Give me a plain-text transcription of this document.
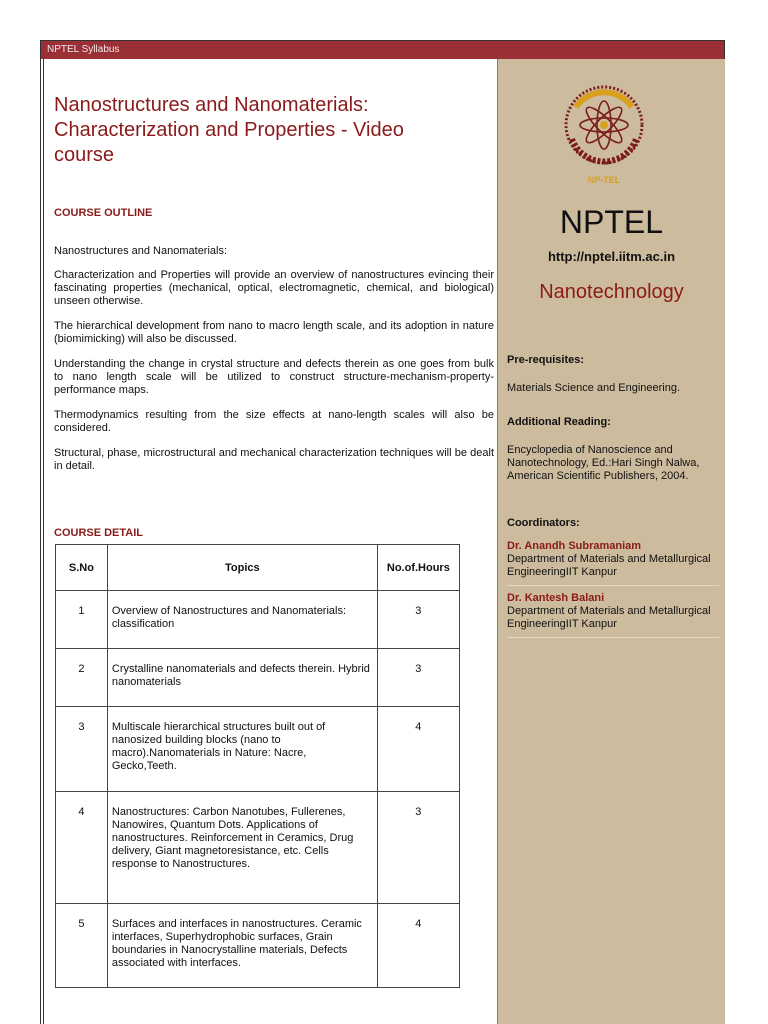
NPTEL Syllabus
Nanostructures and Nanomaterials:
Characterization and Properties - Video
course
COURSE OUTLINE

Nanostructures and Nanomaterials:

Characterization and Properties will provide an overview of nanostructures evincing their fascinating properties (mechanical, optical, electromagnetic, chemical, and biological) unseen otherwise.

The hierarchical development from nano to macro length scale, and its adoption in nature (biomimicking) will also be discussed.

Understanding the change in crystal structure and defects therein as one goes from bulk to nano length scale will be utilized to construct structure-mechanism-property-performance maps.

Thermodynamics resulting from the size effects at nano-length scales will also be considered.

Structural, phase, microstructural and mechanical characterization techniques will be dealt in detail.

COURSE DETAIL
S.No	Topics	No.of.Hours
1	Overview of Nanostructures and Nanomaterials: classification	3
2	Crystalline nanomaterials and defects therein. Hybrid nanomaterials	3
3	Multiscale hierarchical structures built out of nanosized building blocks (nano to macro).Nanomaterials in Nature: Nacre, Gecko,Teeth.	4
4	Nanostructures: Carbon Nanotubes, Fullerenes, Nanowires, Quantum Dots. Applications of nanostructures. Reinforcement in Ceramics, Drug delivery, Giant magnetoresistance, etc. Cells response to Nanostructures.	3
5	Surfaces and interfaces in nanostructures. Ceramic interfaces, Superhydrophobic surfaces, Grain boundaries in Nanocrystalline materials, Defects associated with interfaces.	4
NP-TEL
NPTEL
http://nptel.iitm.ac.in
Nanotechnology
Pre-requisites:
Materials Science and Engineering.
Additional Reading:
Encyclopedia of Nanoscience and Nanotechnology, Ed.:Hari Singh Nalwa, American Scientific Publishers, 2004.
Coordinators:
Dr. Anandh Subramaniam
Department of Materials and Metallurgical EngineeringIIT Kanpur
Dr. Kantesh Balani
Department of Materials and Metallurgical EngineeringIIT Kanpur
